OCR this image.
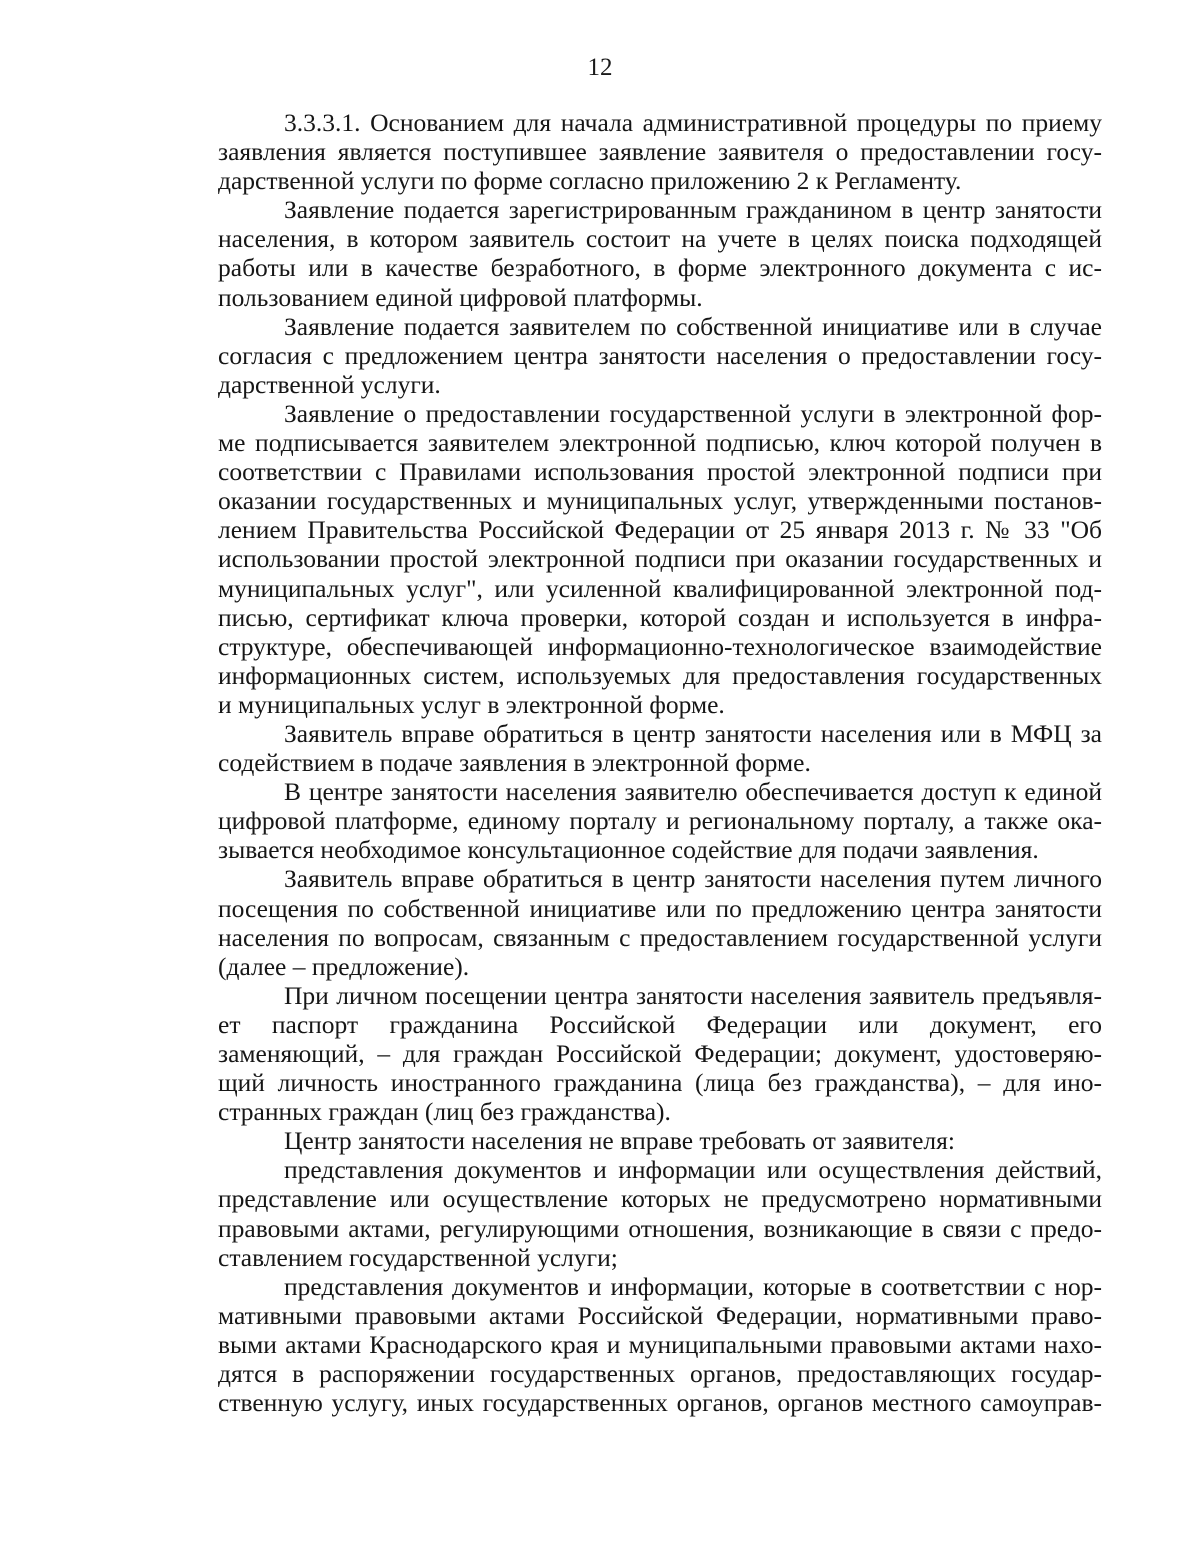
12
3.3.3.1. Основанием для начала административной процедуры по приему
заявления является поступившее заявление заявителя о предоставлении госу-
дарственной услуги по форме согласно приложению 2 к Регламенту.
Заявление подается зарегистрированным гражданином в центр занятости
населения, в котором заявитель состоит на учете в целях поиска подходящей
работы или в качестве безработного, в форме электронного документа с ис-
пользованием единой цифровой платформы.
Заявление подается заявителем по собственной инициативе или в случае
согласия с предложением центра занятости населения о предоставлении госу-
дарственной услуги.
Заявление о предоставлении государственной услуги в электронной фор-
ме подписывается заявителем электронной подписью, ключ которой получен в
соответствии с Правилами использования простой электронной подписи при
оказании государственных и муниципальных услуг, утвержденными постанов-
лением Правительства Российской Федерации от 25 января 2013 г. № 33 "Об
использовании простой электронной подписи при оказании государственных и
муниципальных услуг", или усиленной квалифицированной электронной под-
писью, сертификат ключа проверки, которой создан и используется в инфра-
структуре, обеспечивающей информационно-технологическое взаимодействие
информационных систем, используемых для предоставления государственных
и муниципальных услуг в электронной форме.
Заявитель вправе обратиться в центр занятости населения или в МФЦ за
содействием в подаче заявления в электронной форме.
В центре занятости населения заявителю обеспечивается доступ к единой
цифровой платформе, единому порталу и региональному порталу, а также ока-
зывается необходимое консультационное содействие для подачи заявления.
Заявитель вправе обратиться в центр занятости населения путем личного
посещения по собственной инициативе или по предложению центра занятости
населения по вопросам, связанным с предоставлением государственной услуги
(далее – предложение).
При личном посещении центра занятости населения заявитель предъявля-
ет паспорт гражданина Российской Федерации или документ, его
заменяющий, – для граждан Российской Федерации; документ, удостоверяю-
щий личность иностранного гражданина (лица без гражданства), – для ино-
странных граждан (лиц без гражданства).
Центр занятости населения не вправе требовать от заявителя:
представления документов и информации или осуществления действий,
представление или осуществление которых не предусмотрено нормативными
правовыми актами, регулирующими отношения, возникающие в связи с предо-
ставлением государственной услуги;
представления документов и информации, которые в соответствии с нор-
мативными правовыми актами Российской Федерации, нормативными право-
выми актами Краснодарского края и муниципальными правовыми актами нахо-
дятся в распоряжении государственных органов, предоставляющих государ-
ственную услугу, иных государственных органов, органов местного самоуправ-
